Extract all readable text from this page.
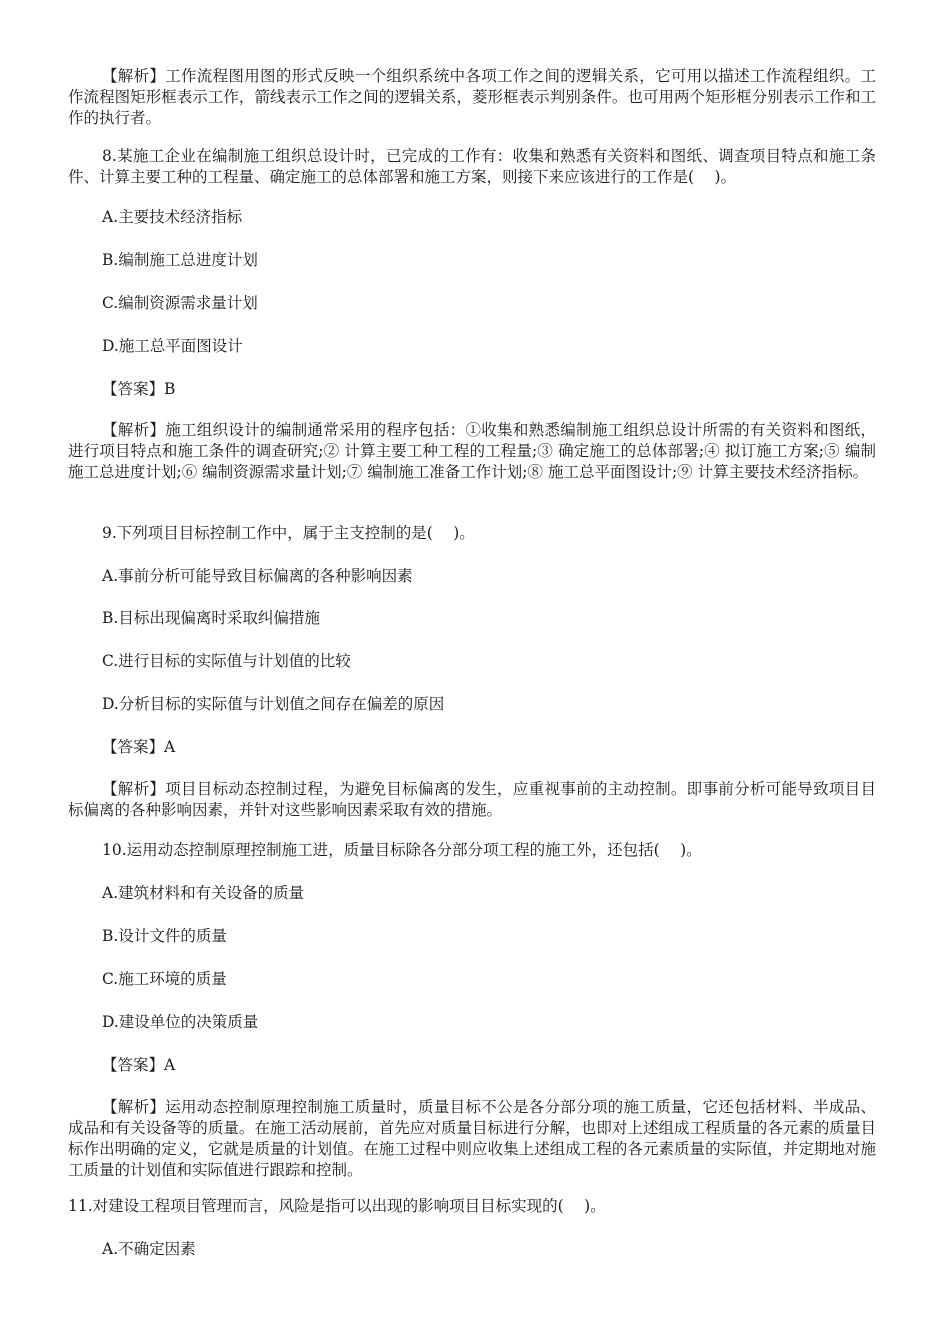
【解析】工作流程图用图的形式反映一个组织系统中各项工作之间的逻辑关系，它可用以描述工作流程组织。工作流程图矩形框表示工作，箭线表示工作之间的逻辑关系，菱形框表示判别条件。也可用两个矩形框分别表示工作和工作的执行者。

8.某施工企业在编制施工组织总设计时，已完成的工作有：收集和熟悉有关资料和图纸、调查项目特点和施工条件、计算主要工种的工程量、确定施工的总体部署和施工方案，则接下来应该进行的工作是(　 )。

A.主要技术经济指标

B.编制施工总进度计划

C.编制资源需求量计划

D.施工总平面图设计

【答案】B

【解析】施工组织设计的编制通常采用的程序包括：①收集和熟悉编制施工组织总设计所需的有关资料和图纸，进行项目特点和施工条件的调查研究;② 计算主要工种工程的工程量;③ 确定施工的总体部署;④ 拟订施工方案;⑤ 编制施工总进度计划;⑥ 编制资源需求量计划;⑦ 编制施工准备工作计划;⑧ 施工总平面图设计;⑨ 计算主要技术经济指标。

9.下列项目目标控制工作中，属于主支控制的是(　 )。

A.事前分析可能导致目标偏离的各种影响因素

B.目标出现偏离时采取纠偏措施

C.进行目标的实际值与计划值的比较

D.分析目标的实际值与计划值之间存在偏差的原因

【答案】A

【解析】项目目标动态控制过程，为避免目标偏离的发生，应重视事前的主动控制。即事前分析可能导致项目目标偏离的各种影响因素，并针对这些影响因素采取有效的措施。

10.运用动态控制原理控制施工进，质量目标除各分部分项工程的施工外，还包括(　 )。

A.建筑材料和有关设备的质量

B.设计文件的质量

C.施工环境的质量

D.建设单位的决策质量

【答案】A

【解析】运用动态控制原理控制施工质量时，质量目标不公是各分部分项的施工质量，它还包括材料、半成品、成品和有关设备等的质量。在施工活动展前，首先应对质量目标进行分解，也即对上述组成工程质量的各元素的质量目标作出明确的定义，它就是质量的计划值。在施工过程中则应收集上述组成工程的各元素质量的实际值，并定期地对施工质量的计划值和实际值进行跟踪和控制。

11.对建设工程项目管理而言，风险是指可以出现的影响项目目标实现的(　 )。

A.不确定因素
